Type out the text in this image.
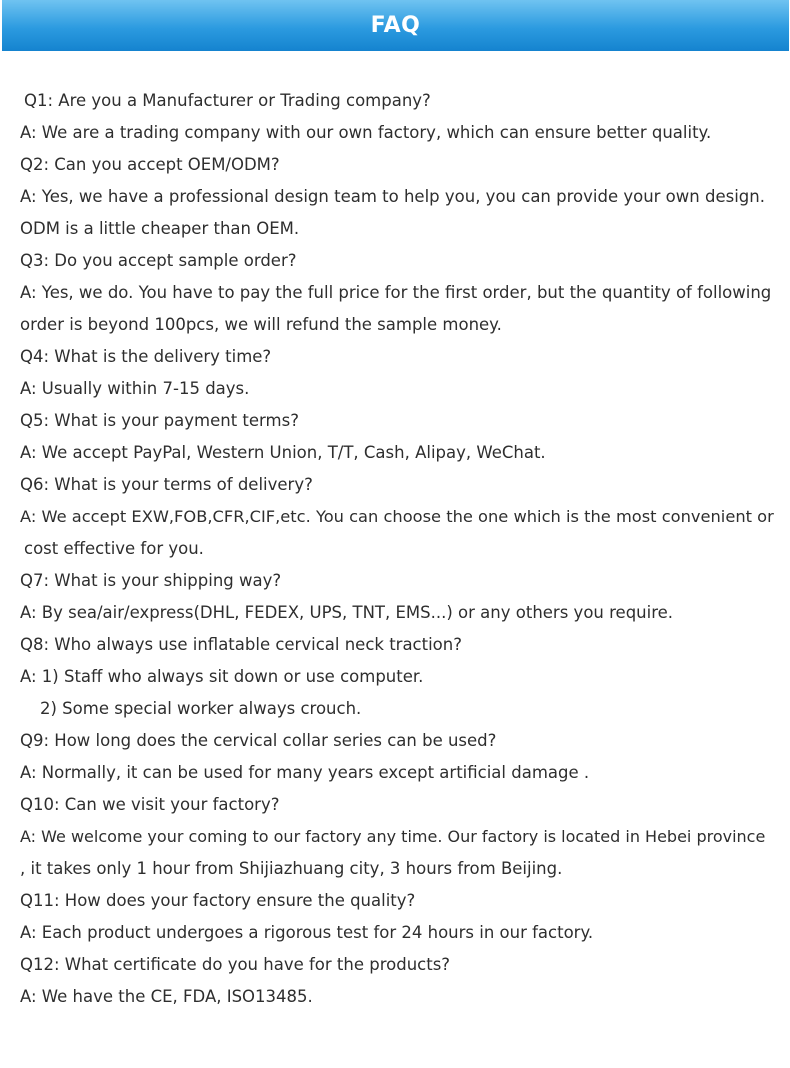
FAQ

Q1: Are you a Manufacturer or Trading company?

A: We are a trading company with our own factory, which can ensure better quality.

Q2: Can you accept OEM/ODM?

A: Yes, we have a professional design team to help you, you can provide your own design.

ODM is a little cheaper than OEM.

Q3: Do you accept sample order?

A: Yes, we do. You have to pay the full price for the first order, but the quantity of following

order is beyond 100pcs, we will refund the sample money.

Q4: What is the delivery time?

A: Usually within 7-15 days.

Q5: What is your payment terms?

A: We accept PayPal, Western Union, T/T, Cash, Alipay, WeChat.

Q6: What is your terms of delivery?

A: We accept EXW,FOB,CFR,CIF,etc. You can choose the one which is the most convenient or

cost effective for you.

Q7: What is your shipping way?

A: By sea/air/express(DHL, FEDEX, UPS, TNT, EMS...) or any others you require.

Q8: Who always use inflatable cervical neck traction?

A: 1) Staff who always sit down or use computer.

2) Some special worker always crouch.

Q9: How long does the cervical collar series can be used?

A: Normally, it can be used for many years except artificial damage .

Q10: Can we visit your factory?

A: We welcome your coming to our factory any time. Our factory is located in Hebei province

, it takes only 1 hour from Shijiazhuang city, 3 hours from Beijing.

Q11: How does your factory ensure the quality?

A: Each product undergoes a rigorous test for 24 hours in our factory.

Q12: What certificate do you have for the products?

A: We have the CE, FDA, ISO13485.
